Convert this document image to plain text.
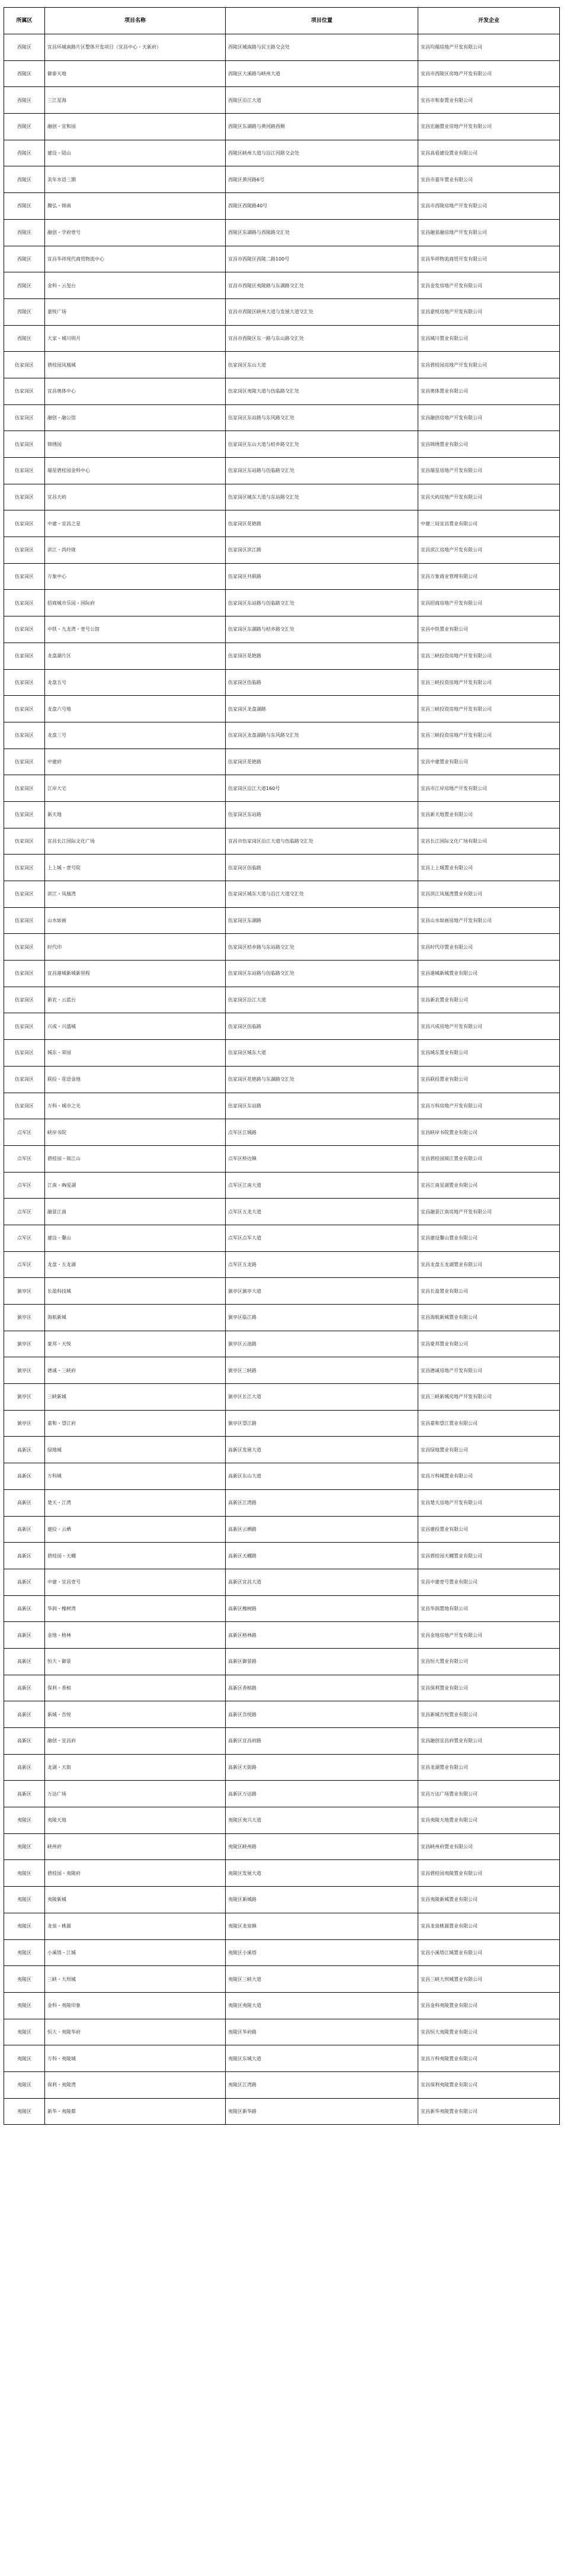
所属区	项目名称	项目位置	开发企业
西陵区	宜昌环城南路片区整体开发项目（宜昌中心・天新府）	西陵区城南路与民主路交会处	宜昌均瑞房地产开发有限公司
西陵区	御泰天地	西陵区大溪路与峡州大道	宜昌市西陵区房地产开发有限公司
西陵区	三江星海	西陵区沿江大道	宜昌市和泰置业有限公司
西陵区	融创・宜和园	西陵区东湖路与黄河路西侧	宜昌宏融置业房地产开发有限公司
西陵区	建设・陆山	西陵区峡州大道与沿江河路交会处	宜昌高看建设置业有限公司
西陵区	美年水语三期	西陵区黄河路6号	宜昌市嘉年置业有限公司
西陵区	腾弘・锦南	西陵区西陵路40号	宜昌市西陵房地产开发有限公司
西陵区	融创・学府壹号	西陵区东湖路与西陵路交汇处	宜昌融景融房地产开发有限公司
西陵区	宜昌华祥现代商贸物流中心	宜昌市西陵区西陵二路100号	宜昌华祥物流商贸开发有限公司
西陵区	金科・云玺台	宜昌市西陵区夷陵路与东湖路交汇处	宜昌金发房地产开发有限公司
西陵区	嘉悦广场	宜昌市西陵区峡州大道与发展大道交汇处	宜昌嘉悦房地产开发有限公司
西陵区	大家・城川明月	宜昌市西陵区东一路与东山路交汇处	宜昌城川置业有限公司
伍家岗区	碧桂园凤凰城	伍家岗区东山大道	宜昌碧桂园房地产开发有限公司
伍家岗区	宜昌奥体中心	伍家岗区夷陵大道与伍临路交汇处	宜昌奥体置业有限公司
伍家岗区	融创・融公馆	伍家岗区东站路与东风路交汇处	宜昌融创房地产开发有限公司
伍家岗区	锦绣园	伍家岗区东山大道与桔乡路交汇处	宜昌锦绣置业有限公司
伍家岗区	瑞星碧桂园金科中心	伍家岗区东站路与伍临路交汇处	宜昌瑞星房地产开发有限公司
伍家岗区	宜昌天屿	伍家岗区城东大道与东站路交汇处	宜昌天屿房地产开发有限公司
伍家岗区	中建・宜昌之星	伍家岗区花艳路	中建三局宜昌置业有限公司
伍家岗区	滨江・尚玲珑	伍家岗区滨江路	宜昌滨江房地产开发有限公司
伍家岗区	万象中心	伍家岗区共联路	宜昌万象商业管理有限公司
伍家岗区	招商城市乐园・国际府	伍家岗区东站路与伍临路交汇处	宜昌招商房地产开发有限公司
伍家岗区	中铁・九龙湾・壹号公馆	伍家岗区东湖路与桔乡路交汇处	宜昌中铁置业有限公司
伍家岗区	龙盘湖片区	伍家岗区花艳路	宜昌三峡投资房地产开发有限公司
伍家岗区	龙盘五号	伍家岗区伍临路	宜昌三峡投资房地产开发有限公司
伍家岗区	龙盘六号地	伍家岗区龙盘湖路	宜昌三峡投资房地产开发有限公司
伍家岗区	龙盘三号	伍家岗区龙盘湖路与东风路交汇处	宜昌三峡投资房地产开发有限公司
伍家岗区	中建府	伍家岗区花艳路	宜昌中建置业有限公司
伍家岗区	江岸大宅	伍家岗区沿江大道160号	宜昌市江岸房地产开发有限公司
伍家岗区	新天地	伍家岗区东站路	宜昌新天地置业有限公司
伍家岗区	宜昌长江国际文化广场	宜昌市伍家岗区沿江大道与伍临路交汇处	宜昌长江国际文化广场有限公司
伍家岗区	上上城・壹号院	伍家岗区伍临路	宜昌上上城置业有限公司
伍家岗区	滨江・凤凰湾	伍家岗区城东大道与沿江大道交汇处	宜昌滨江凤凰湾置业有限公司
伍家岗区	山水如画	伍家岗区东湖路	宜昌山水如画房地产开发有限公司
伍家岗区	时代印	伍家岗区桔乡路与东站路交汇处	宜昌时代印置业有限公司
伍家岗区	宜昌港城新城新里程	伍家岗区东站路与伍临路交汇处	宜昌港城新城置业有限公司
伍家岗区	新农・云蓝台	伍家岗区沿江大道	宜昌新农置业有限公司
伍家岗区	兴成・兴盛城	伍家岗区伍临路	宜昌兴成房地产开发有限公司
伍家岗区	城东・荣园	伍家岗区城东大道	宜昌城东置业有限公司
伍家岗区	联投・花语金地	伍家岗区花艳路与东湖路交汇处	宜昌联投置业有限公司
伍家岗区	万科・城市之光	伍家岗区东站路	宜昌万科房地产开发有限公司
点军区	峡岸书院	点军区江城路	宜昌峡岸书院置业有限公司
点军区	碧桂园・阅江山	点军区桥边镇	宜昌碧桂园阅江置业有限公司
点军区	江南・IN星湖	点军区江南大道	宜昌江南星湖置业有限公司
点军区	融景江南	点军区五龙大道	宜昌融景江南房地产开发有限公司
点军区	建设・馨山	点军区点军大道	宜昌建设馨山置业有限公司
点军区	龙盘・五龙湖	点军区五龙路	宜昌龙盘五龙湖置业有限公司
猇亭区	长盈科技城	猇亭区猇亭大道	宜昌长盈置业有限公司
猇亭区	海航新城	猇亭区临江路	宜昌海航新城置业有限公司
猇亭区	豪邦・天悦	猇亭区云池路	宜昌豪邦置业有限公司
猇亭区	德诚・三峡府	猇亭区三峡路	宜昌德诚房地产开发有限公司
猇亭区	三峡新城	猇亭区长江大道	宜昌三峡新城房地产开发有限公司
猇亭区	嘉和・望江府	猇亭区望江路	宜昌嘉和望江置业有限公司
高新区	绿地城	高新区发展大道	宜昌绿地置业有限公司
高新区	万科城	高新区东山大道	宜昌万科城置业有限公司
高新区	楚天・江湾	高新区江湾路	宜昌楚天房地产开发有限公司
高新区	建投・云栖	高新区云栖路	宜昌建投置业有限公司
高新区	碧桂园・天樾	高新区天樾路	宜昌碧桂园天樾置业有限公司
高新区	中建・宜昌壹号	高新区宜昌大道	宜昌中建壹号置业有限公司
高新区	华润・橡树湾	高新区橡树路	宜昌华润置地有限公司
高新区	金地・格林	高新区格林路	宜昌金地房地产开发有限公司
高新区	恒大・御景	高新区御景路	宜昌恒大置业有限公司
高新区	保利・香槟	高新区香槟路	宜昌保利置业有限公司
高新区	新城・吾悦	高新区吾悦路	宜昌新城吾悦置业有限公司
高新区	融创・宜昌府	高新区宜昌府路	宜昌融创宜昌府置业有限公司
高新区	龙湖・天街	高新区天街路	宜昌龙湖置业有限公司
高新区	万达广场	高新区万达路	宜昌万达广场置业有限公司
夷陵区	夷陵天地	夷陵区夷兴大道	宜昌夷陵天地置业有限公司
夷陵区	峡州府	夷陵区峡州路	宜昌峡州府置业有限公司
夷陵区	碧桂园・夷陵府	夷陵区发展大道	宜昌碧桂园夷陵置业有限公司
夷陵区	夷陵新城	夷陵区新城路	宜昌夷陵新城置业有限公司
夷陵区	龙泉・桃源	夷陵区龙泉镇	宜昌龙泉桃源置业有限公司
夷陵区	小溪塔・江城	夷陵区小溪塔	宜昌小溪塔江城置业有限公司
夷陵区	三峡・大坝城	夷陵区三峡大道	宜昌三峡大坝城置业有限公司
夷陵区	金科・夷陵印象	夷陵区夷陵大道	宜昌金科夷陵置业有限公司
夷陵区	恒大・夷陵华府	夷陵区华府路	宜昌恒大夷陵置业有限公司
夷陵区	万科・夷陵城	夷陵区东城大道	宜昌万科夷陵置业有限公司
夷陵区	保利・夷陵湾	夷陵区江湾路	宜昌保利夷陵置业有限公司
夷陵区	新华・夷陵都	夷陵区新华路	宜昌新华夷陵置业有限公司
